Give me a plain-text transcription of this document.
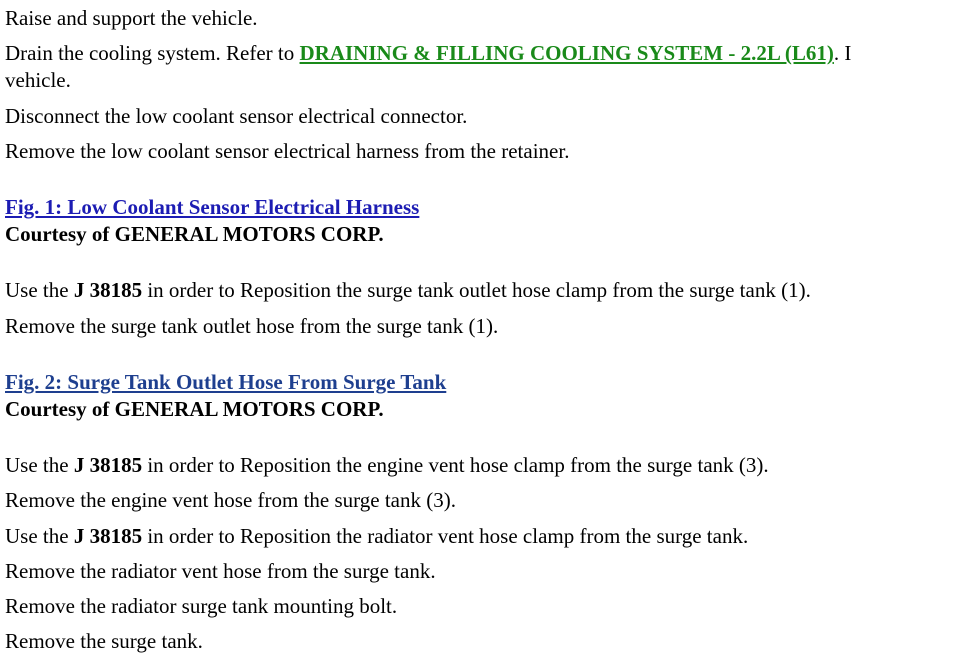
Raise and support the vehicle.
Drain the cooling system. Refer to DRAINING & FILLING COOLING SYSTEM - 2.2L (L61). I
vehicle.
Disconnect the low coolant sensor electrical connector.
Remove the low coolant sensor electrical harness from the retainer.
Fig. 1: Low Coolant Sensor Electrical Harness
Courtesy of GENERAL MOTORS CORP.
Use the J 38185 in order to Reposition the surge tank outlet hose clamp from the surge tank (1).
Remove the surge tank outlet hose from the surge tank (1).
Fig. 2: Surge Tank Outlet Hose From Surge Tank
Courtesy of GENERAL MOTORS CORP.
Use the J 38185 in order to Reposition the engine vent hose clamp from the surge tank (3).
Remove the engine vent hose from the surge tank (3).
Use the J 38185 in order to Reposition the radiator vent hose clamp from the surge tank.
Remove the radiator vent hose from the surge tank.
Remove the radiator surge tank mounting bolt.
Remove the surge tank.
